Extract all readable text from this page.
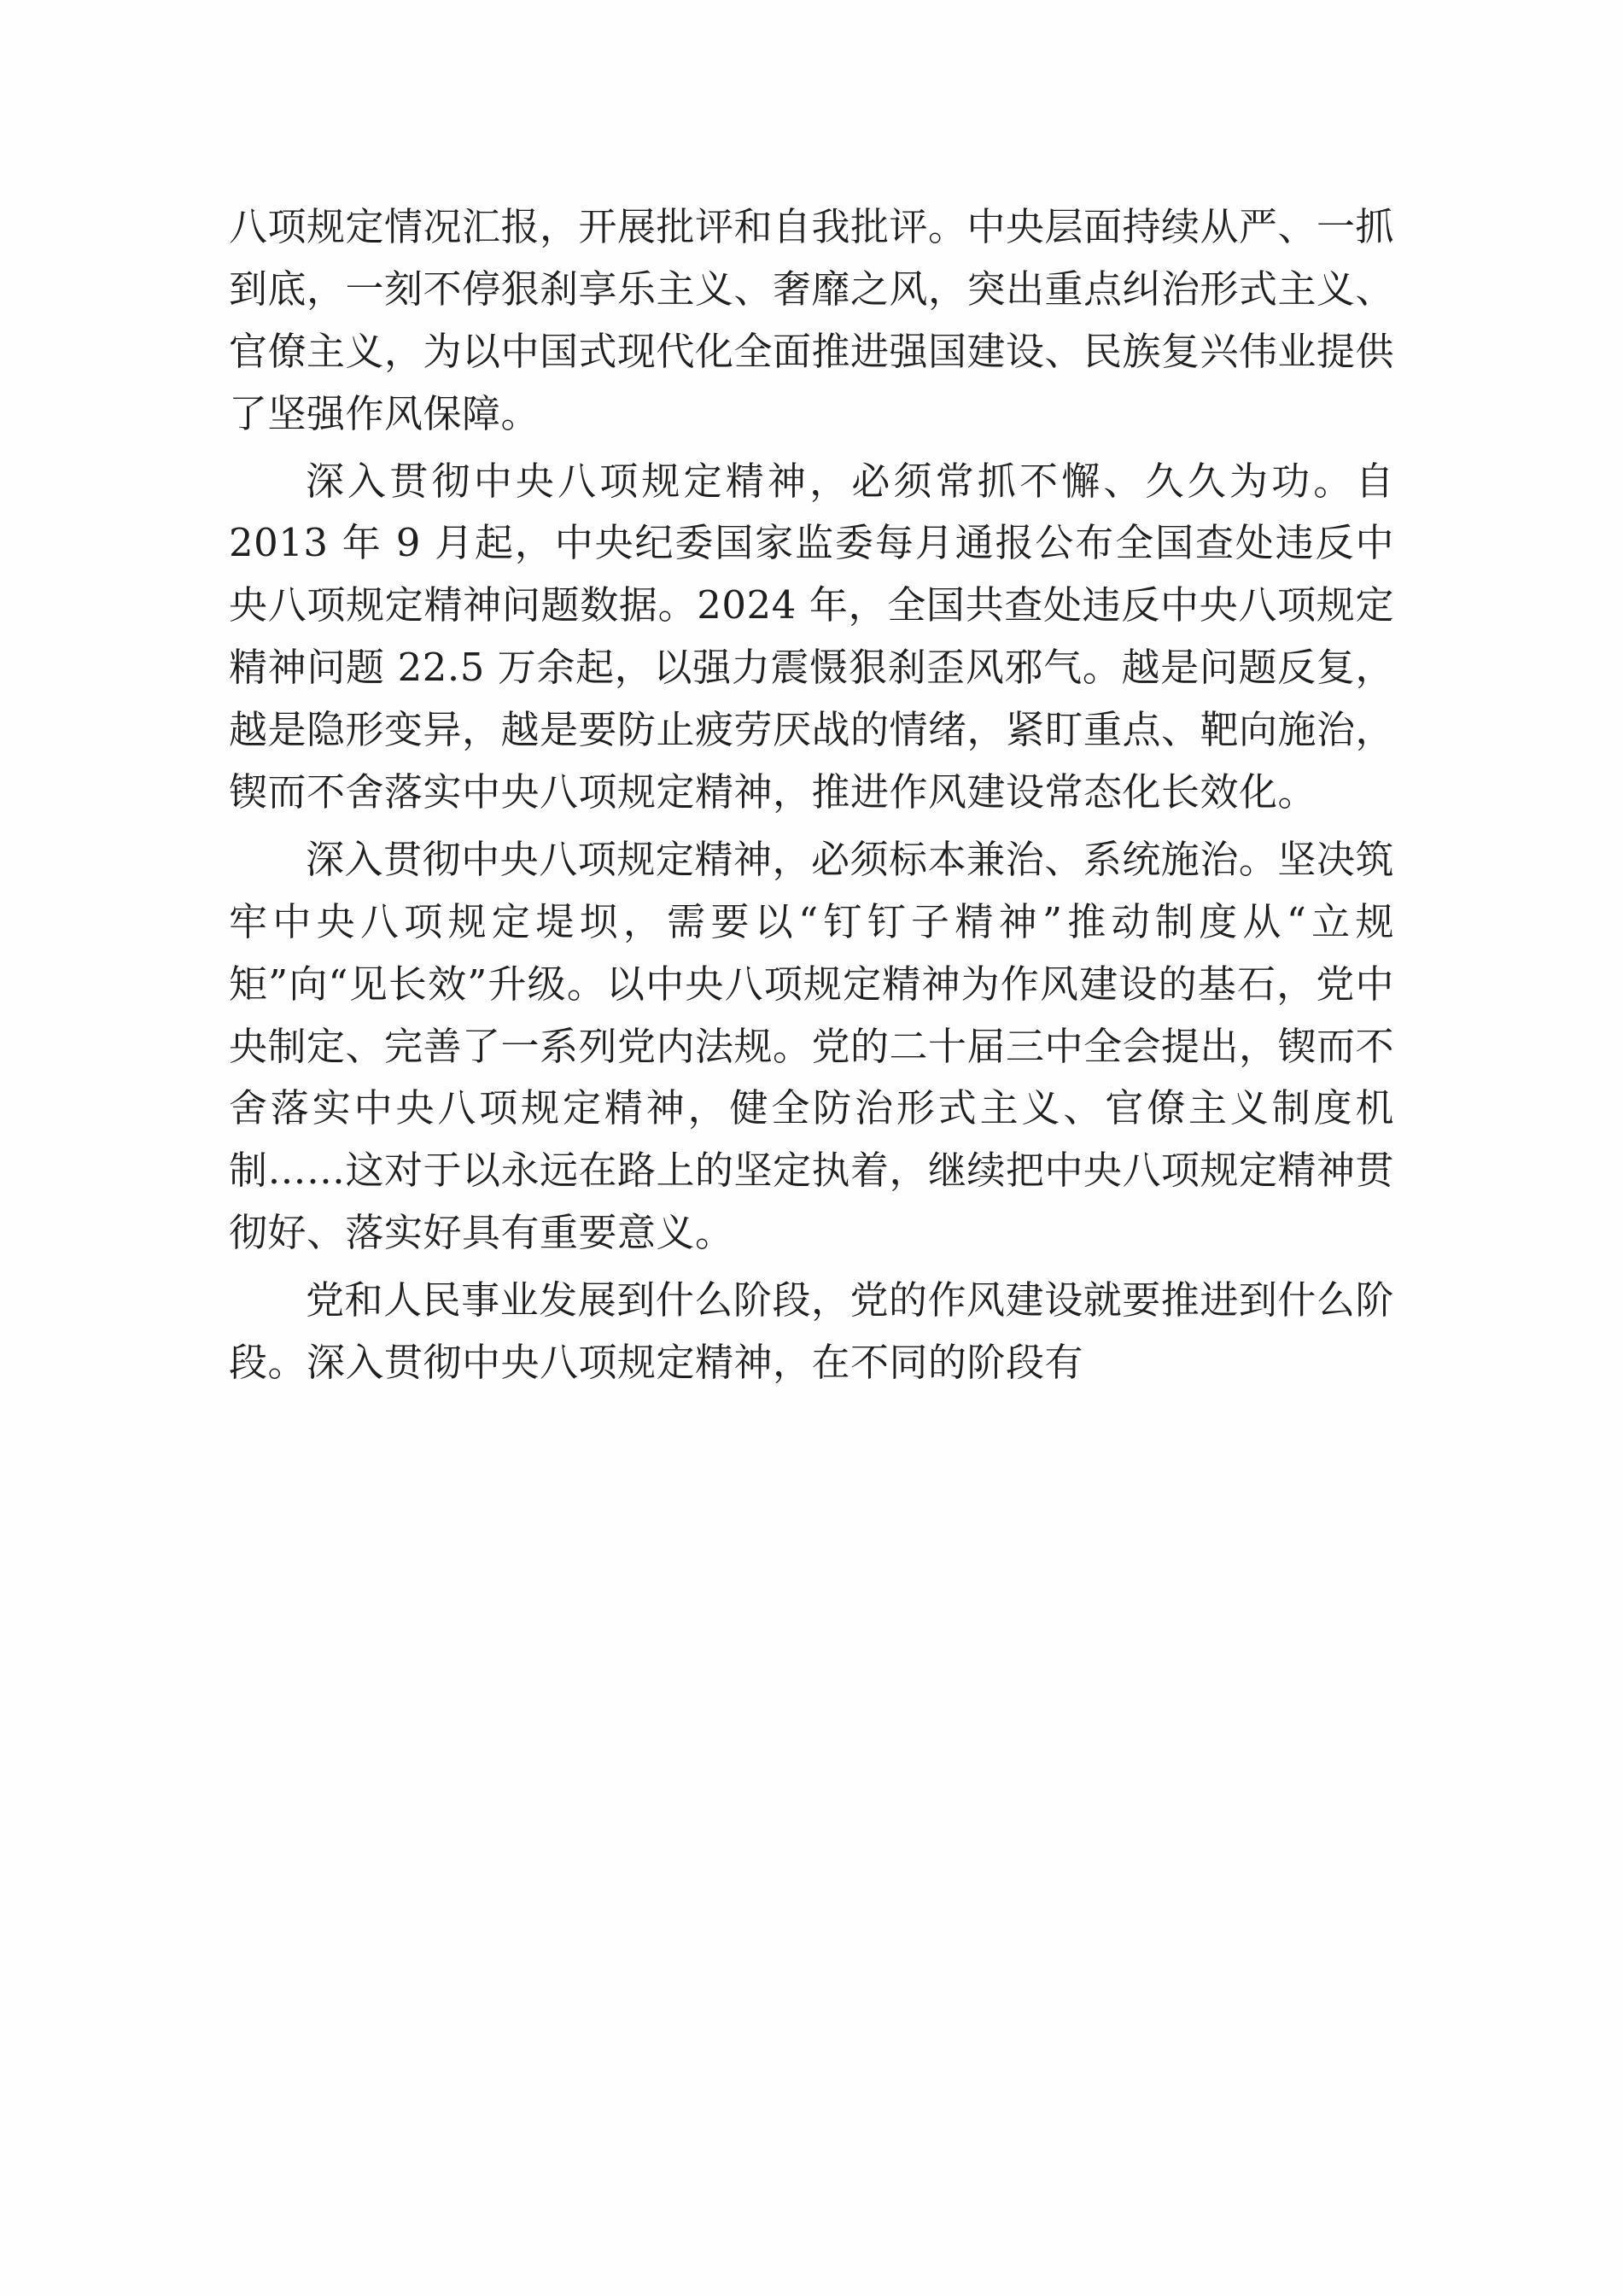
八项规定情况汇报，开展批评和自我批评。中央层面持续从严、一抓到底，一刻不停狠刹享乐主义、奢靡之风，突出重点纠治形式主义、官僚主义，为以中国式现代化全面推进强国建设、民族复兴伟业提供了坚强作风保障。

深入贯彻中央八项规定精神，必须常抓不懈、久久为功。自 2013 年 9 月起，中央纪委国家监委每月通报公布全国查处违反中央八项规定精神问题数据。2024 年，全国共查处违反中央八项规定精神问题 22.5 万余起，以强力震慑狠刹歪风邪气。越是问题反复，越是隐形变异，越是要防止疲劳厌战的情绪，紧盯重点、靶向施治，锲而不舍落实中央八项规定精神，推进作风建设常态化长效化。

深入贯彻中央八项规定精神，必须标本兼治、系统施治。坚决筑牢中央八项规定堤坝，需要以“钉钉子精神”推动制度从“立规矩”向“见长效”升级。以中央八项规定精神为作风建设的基石，党中央制定、完善了一系列党内法规。党的二十届三中全会提出，锲而不舍落实中央八项规定精神，健全防治形式主义、官僚主义制度机制……这对于以永远在路上的坚定执着，继续把中央八项规定精神贯彻好、落实好具有重要意义。

党和人民事业发展到什么阶段，党的作风建设就要推进到什么阶段。深入贯彻中央八项规定精神，在不同的阶段有
